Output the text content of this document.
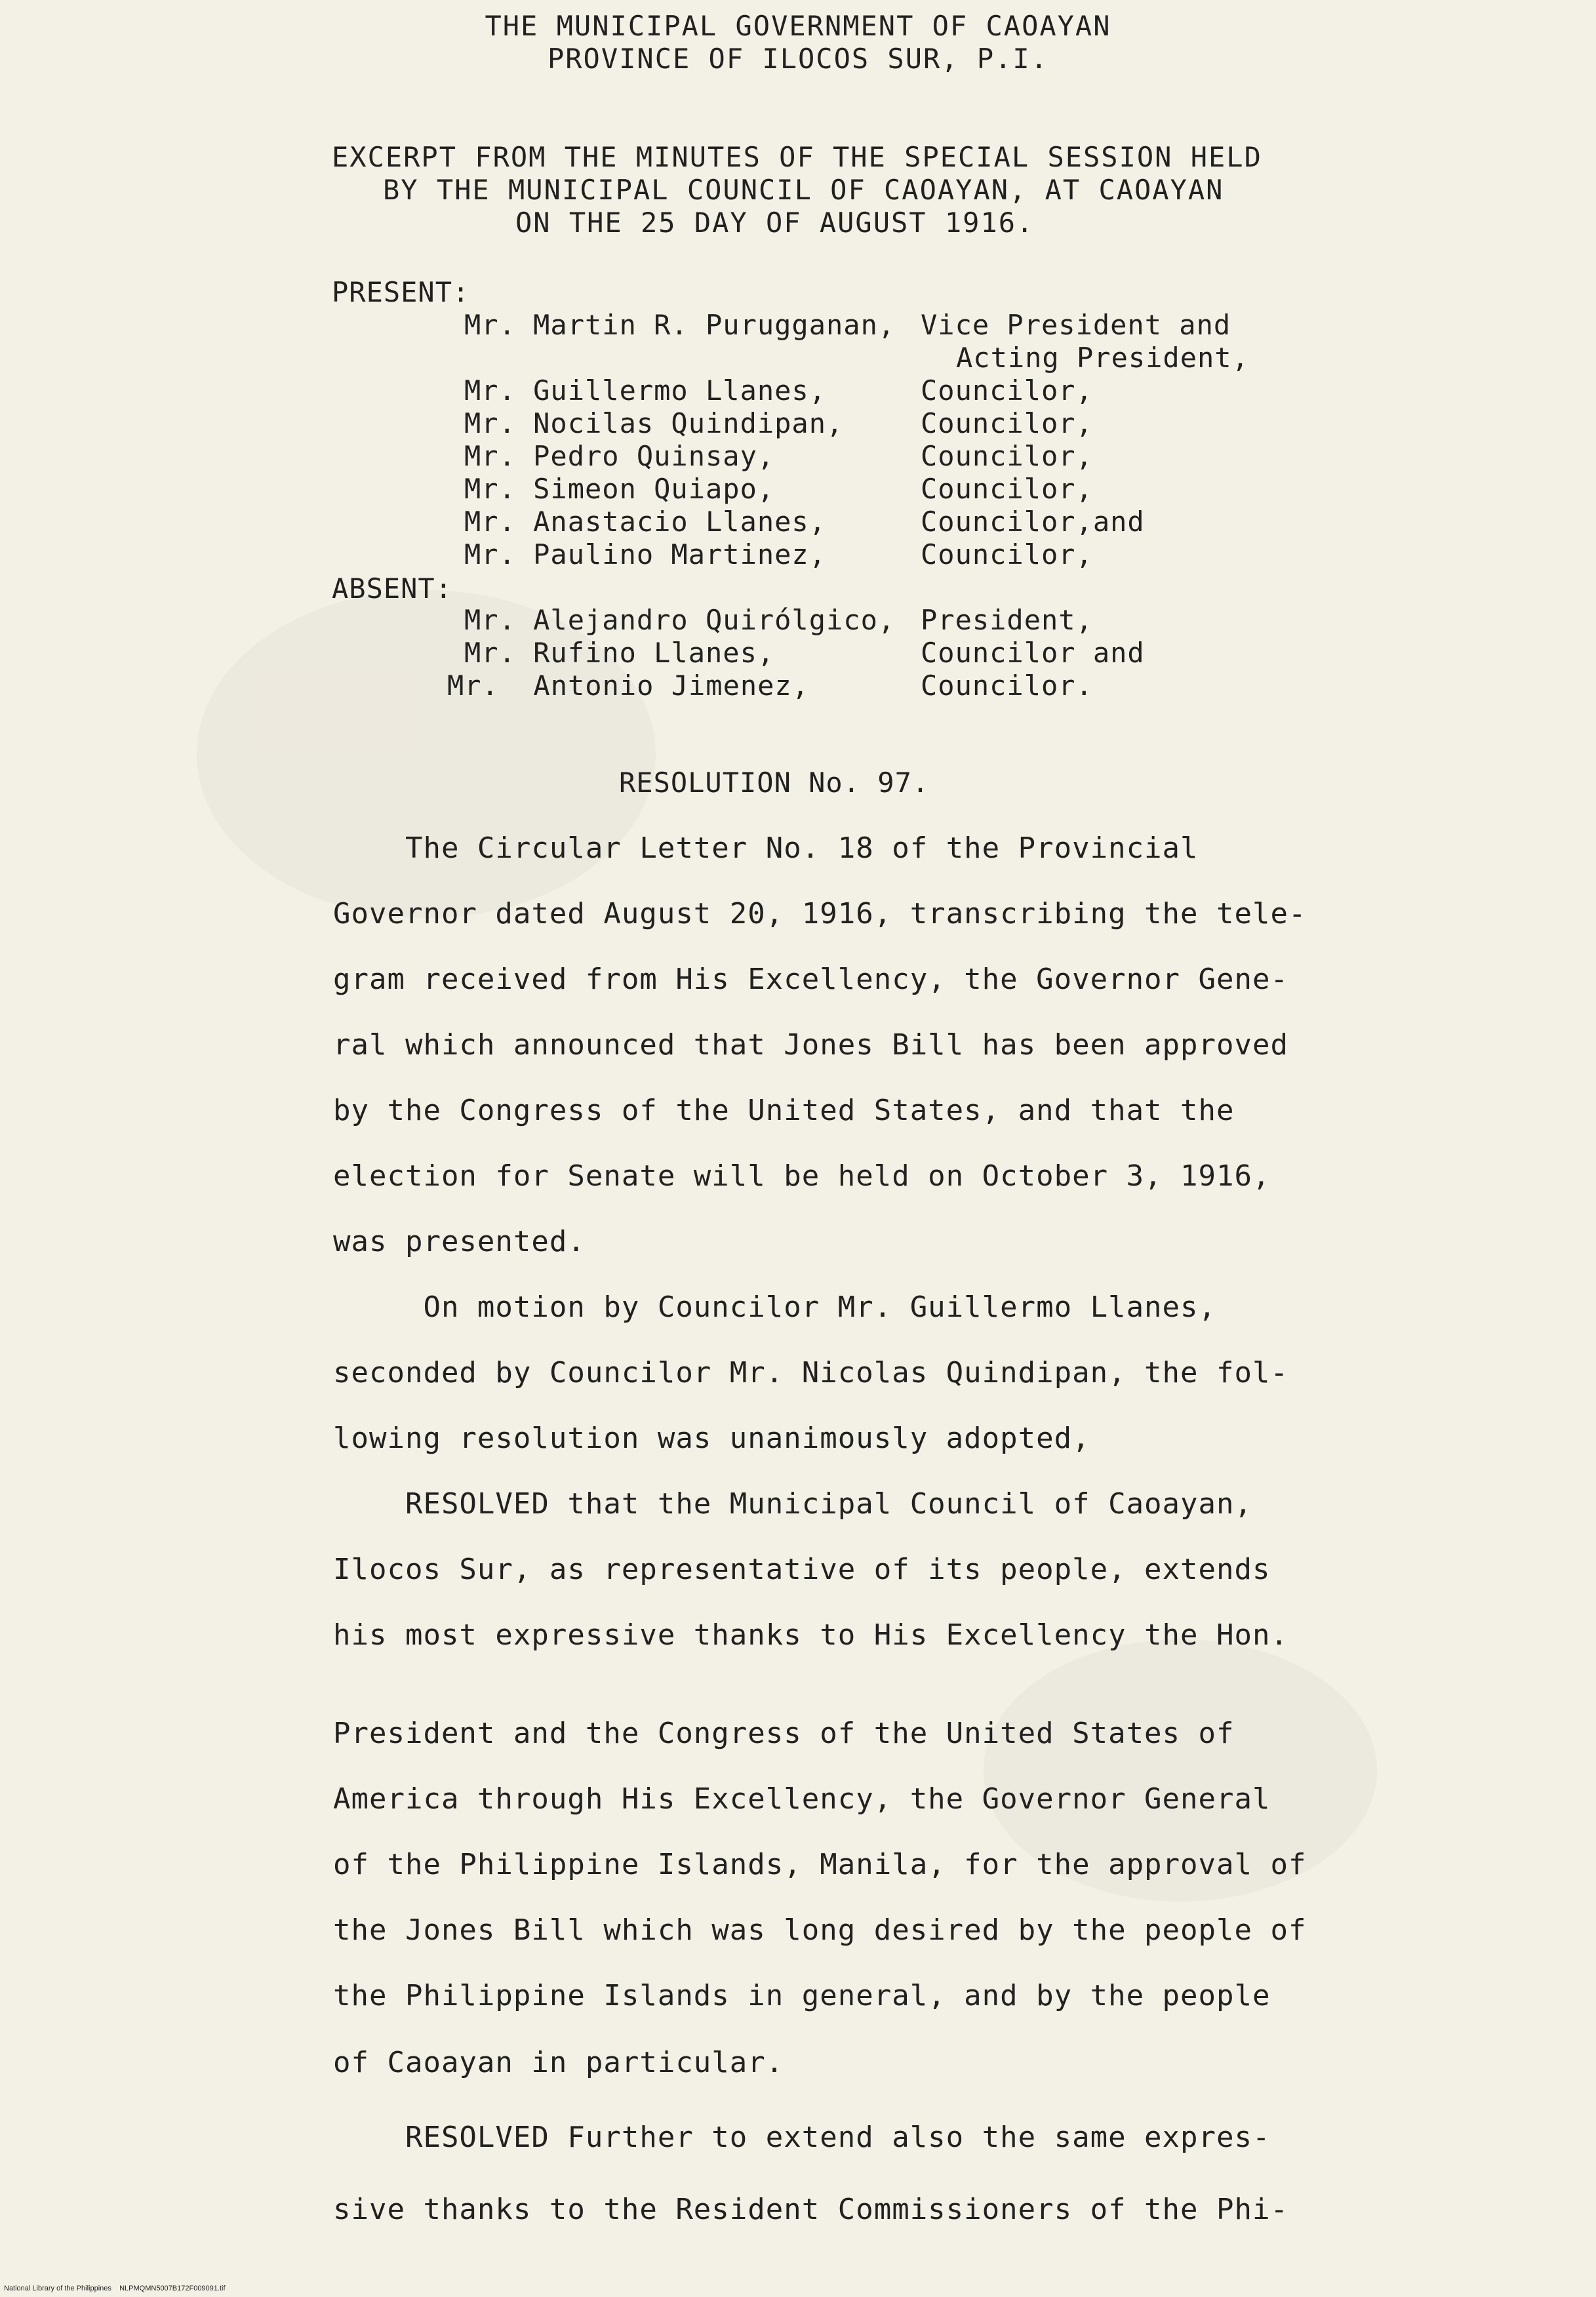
THE MUNICIPAL GOVERNMENT OF CAOAYAN
PROVINCE OF ILOCOS SUR, P.I.
EXCERPT FROM THE MINUTES OF THE SPECIAL SESSION HELD
BY THE MUNICIPAL COUNCIL OF CAOAYAN, AT CAOAYAN
ON THE 25 DAY OF AUGUST 1916.
PRESENT:
Mr. Martin R. Purugganan, Vice President and
Acting President,
Mr. Guillermo Llanes,	Councilor,
Mr. Nocilas Quindipan,	Councilor,
Mr. Pedro Quinsay,	Councilor,
Mr. Simeon Quiapo,	Councilor,
Mr. Anastacio Llanes,	Councilor,and
Mr. Paulino Martinez,	Councilor,
ABSENT:
Mr. Alejandro Quirólgico, President,
Mr. Rufino Llanes,	Councilor and
Mr.  Antonio Jimenez,	Councilor.
RESOLUTION No. 97.
The Circular Letter No. 18 of the Provincial
Governor dated August 20, 1916, transcribing the tele-
gram received from His Excellency, the Governor Gene-
ral which announced that Jones Bill has been approved
by the Congress of the United States, and that the
election for Senate will be held on October 3, 1916,
was presented.
On motion by Councilor Mr. Guillermo Llanes,
seconded by Councilor Mr. Nicolas Quindipan, the fol-
lowing resolution was unanimously adopted,
RESOLVED that the Municipal Council of Caoayan,
Ilocos Sur, as representative of its people, extends
his most expressive thanks to His Excellency the Hon.
President and the Congress of the United States of
America through His Excellency, the Governor General
of the Philippine Islands, Manila, for the approval of
the Jones Bill which was long desired by the people of
the Philippine Islands in general, and by the people
of Caoayan in particular.
RESOLVED Further to extend also the same expres-
sive thanks to the Resident Commissioners of the Phi-
National Library of the Philippines    NLPMQMN5007B172F009091.tif
